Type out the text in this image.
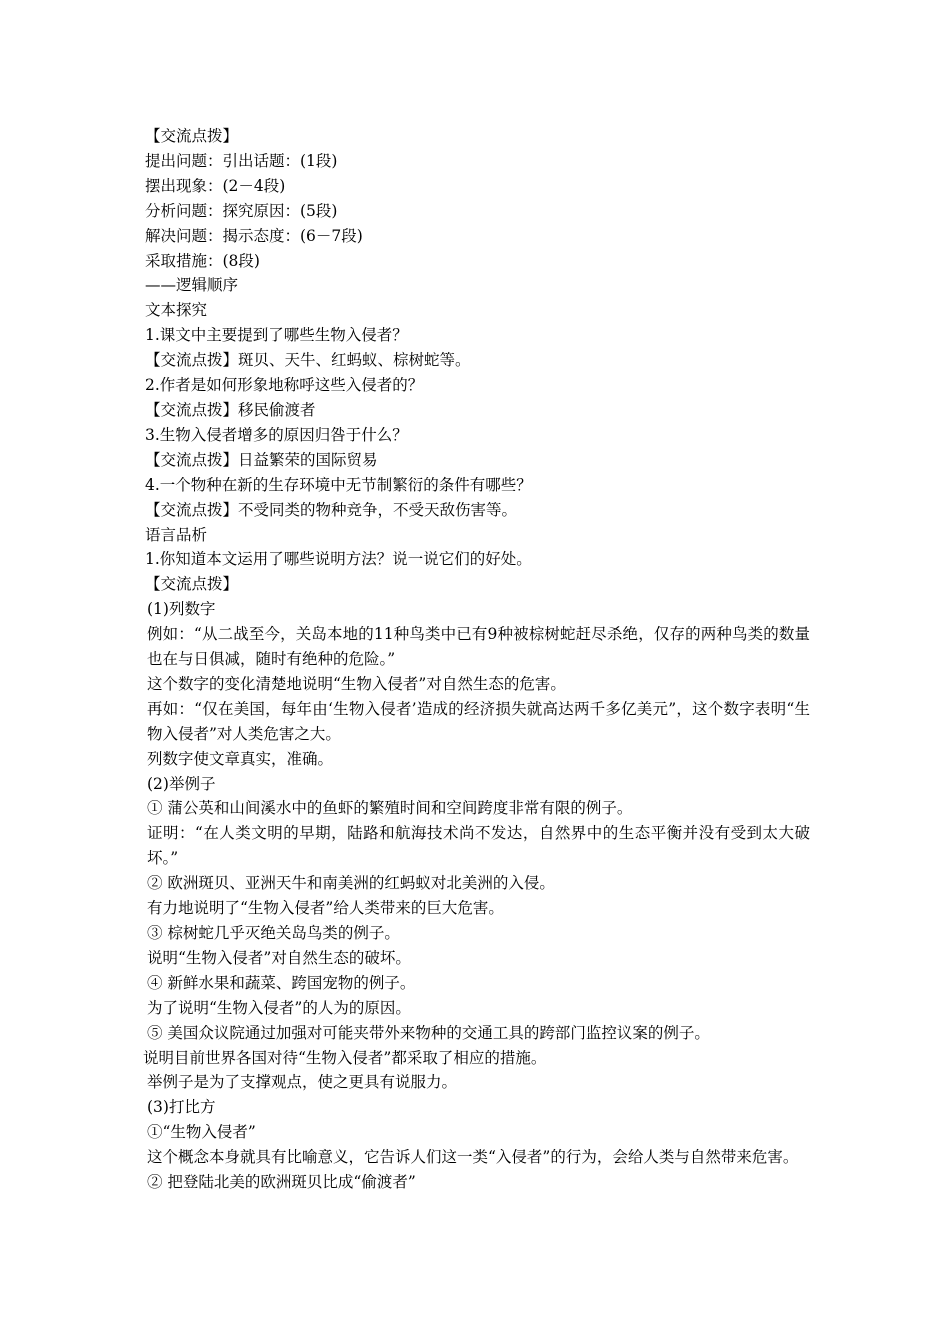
【交流点拨】

提出问题：引出话题：(1段)

摆出现象：(2－4段)

分析问题：探究原因：(5段)

解决问题：揭示态度：(6－7段)

采取措施：(8段)

——逻辑顺序

文本探究

1.课文中主要提到了哪些生物入侵者？

【交流点拨】斑贝、天牛、红蚂蚁、棕树蛇等。

2.作者是如何形象地称呼这些入侵者的？

【交流点拨】移民偷渡者

3.生物入侵者增多的原因归咎于什么？

【交流点拨】日益繁荣的国际贸易

4.一个物种在新的生存环境中无节制繁衍的条件有哪些？

【交流点拨】不受同类的物种竞争，不受天敌伤害等。

语言品析

1.你知道本文运用了哪些说明方法？说一说它们的好处。

【交流点拨】

(1)列数字

例如：“从二战至今，关岛本地的11种鸟类中已有9种被棕树蛇赶尽杀绝，仅存的两种鸟类的数量也在与日俱减，随时有绝种的危险。”

这个数字的变化清楚地说明“生物入侵者”对自然生态的危害。

再如：“仅在美国，每年由‘生物入侵者’造成的经济损失就高达两千多亿美元”，这个数字表明“生物入侵者”对人类危害之大。

列数字使文章真实，准确。

(2)举例子

① 蒲公英和山间溪水中的鱼虾的繁殖时间和空间跨度非常有限的例子。

证明：“在人类文明的早期，陆路和航海技术尚不发达，自然界中的生态平衡并没有受到太大破坏。”

② 欧洲斑贝、亚洲天牛和南美洲的红蚂蚁对北美洲的入侵。

有力地说明了“生物入侵者”给人类带来的巨大危害。

③ 棕树蛇几乎灭绝关岛鸟类的例子。

说明“生物入侵者”对自然生态的破坏。

④ 新鲜水果和蔬菜、跨国宠物的例子。

为了说明“生物入侵者”的人为的原因。

⑤ 美国众议院通过加强对可能夹带外来物种的交通工具的跨部门监控议案的例子。

说明目前世界各国对待“生物入侵者”都采取了相应的措施。

举例子是为了支撑观点，使之更具有说服力。

(3)打比方

①“生物入侵者”

这个概念本身就具有比喻意义，它告诉人们这一类“入侵者”的行为，会给人类与自然带来危害。

② 把登陆北美的欧洲斑贝比成“偷渡者”
